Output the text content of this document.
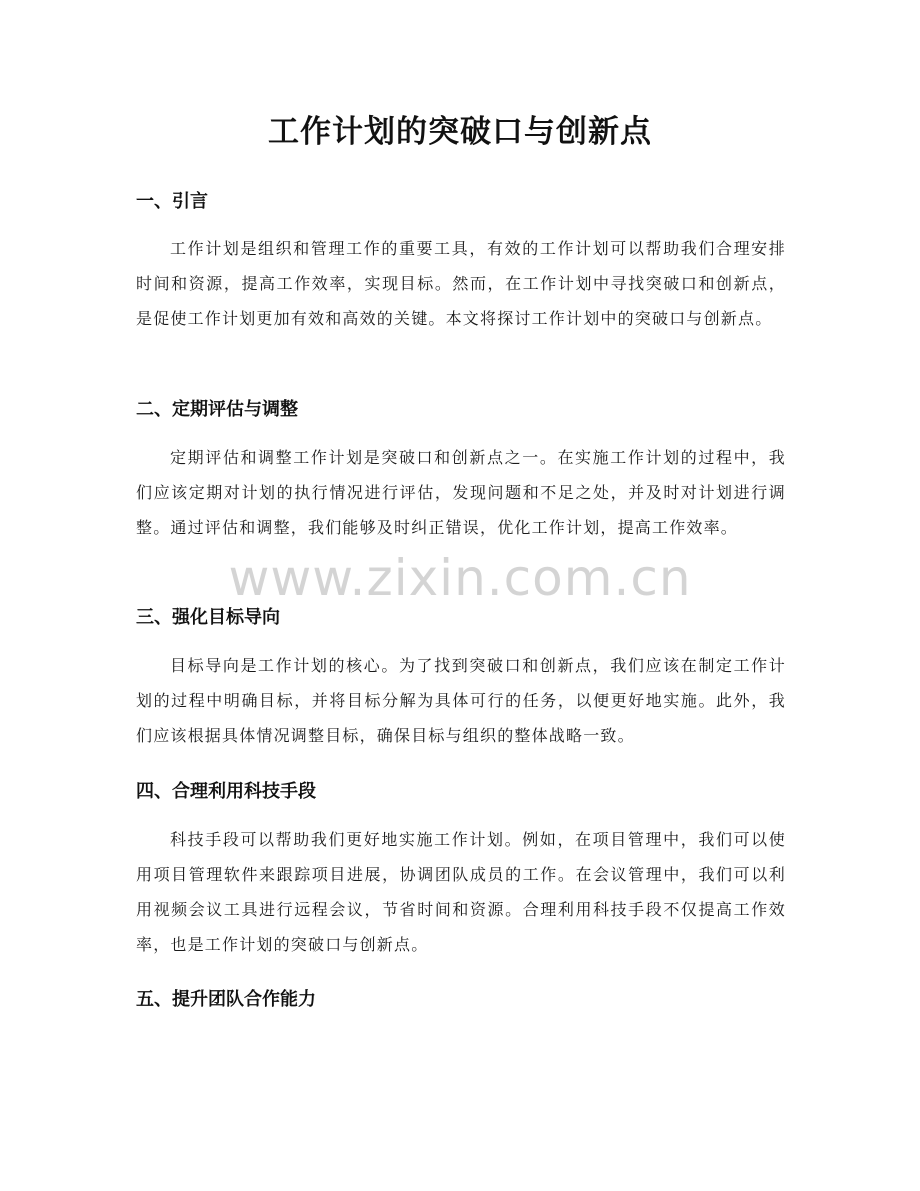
工作计划的突破口与创新点
一、引言

工作计划是组织和管理工作的重要工具，有效的工作计划可以帮助我们合理安排时间和资源，提高工作效率，实现目标。然而，在工作计划中寻找突破口和创新点，是促使工作计划更加有效和高效的关键。本文将探讨工作计划中的突破口与创新点。

二、定期评估与调整

定期评估和调整工作计划是突破口和创新点之一。在实施工作计划的过程中，我们应该定期对计划的执行情况进行评估，发现问题和不足之处，并及时对计划进行调整。通过评估和调整，我们能够及时纠正错误，优化工作计划，提高工作效率。

三、强化目标导向

目标导向是工作计划的核心。为了找到突破口和创新点，我们应该在制定工作计划的过程中明确目标，并将目标分解为具体可行的任务，以便更好地实施。此外，我们应该根据具体情况调整目标，确保目标与组织的整体战略一致。

四、合理利用科技手段

科技手段可以帮助我们更好地实施工作计划。例如，在项目管理中，我们可以使用项目管理软件来跟踪项目进展，协调团队成员的工作。在会议管理中，我们可以利用视频会议工具进行远程会议，节省时间和资源。合理利用科技手段不仅提高工作效率，也是工作计划的突破口与创新点。

五、提升团队合作能力
www.zixin.com.cn
